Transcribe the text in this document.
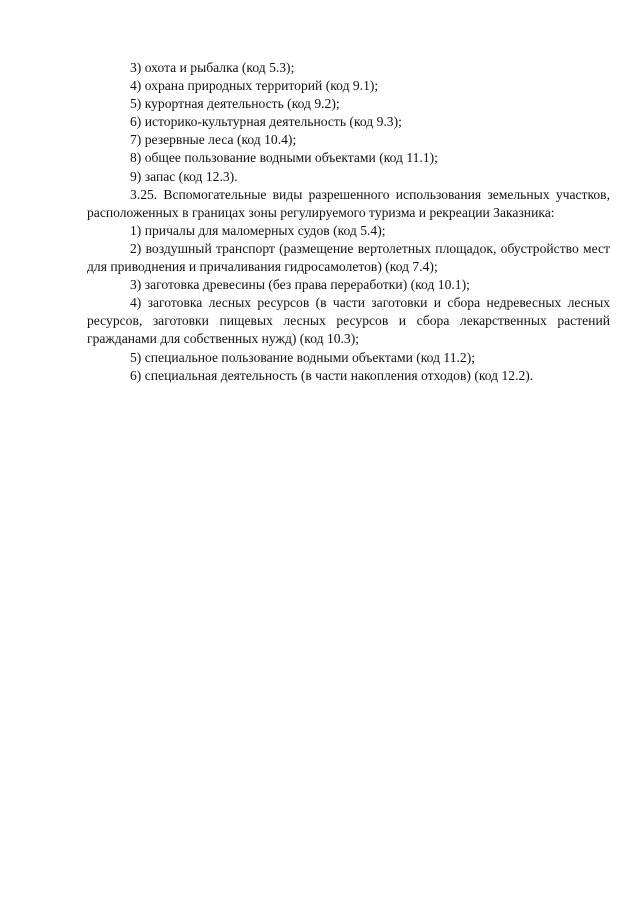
3) охота и рыбалка (код 5.3);

4) охрана природных территорий (код 9.1);

5) курортная деятельность (код 9.2);

6) историко-культурная деятельность (код 9.3);

7) резервные леса (код 10.4);

8) общее пользование водными объектами (код 11.1);

9) запас (код 12.3).

3.25. Вспомогательные виды разрешенного использования земельных участков, расположенных в границах зоны регулируемого туризма и рекреации Заказника:

1) причалы для маломерных судов (код 5.4);

2) воздушный транспорт (размещение вертолетных площадок, обустройство мест для приводнения и причаливания гидросамолетов) (код 7.4);

3) заготовка древесины (без права переработки) (код 10.1);

4) заготовка лесных ресурсов (в части заготовки и сбора недревесных лесных ресурсов, заготовки пищевых лесных ресурсов и сбора лекарственных растений гражданами для собственных нужд) (код 10.3);

5) специальное пользование водными объектами (код 11.2);

6) специальная деятельность (в части накопления отходов) (код 12.2).
